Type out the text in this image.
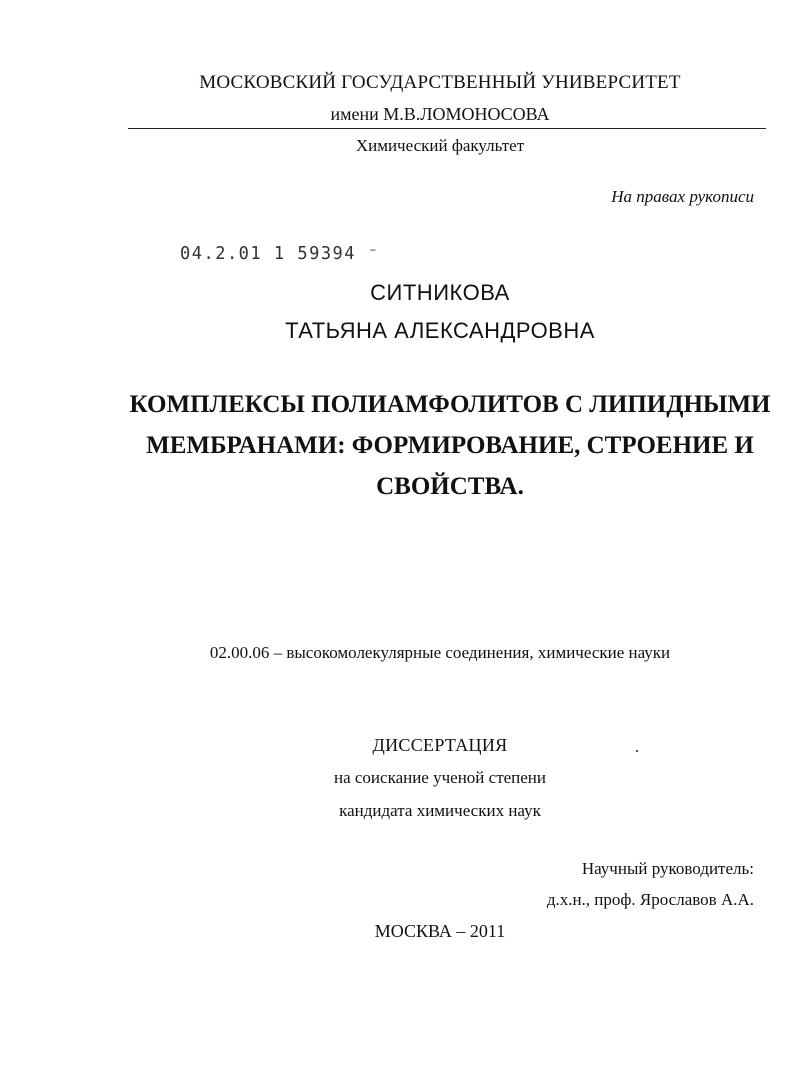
МОСКОВСКИЙ ГОСУДАРСТВЕННЫЙ УНИВЕРСИТЕТ
имени М.В.ЛОМОНОСОВА
Химический факультет
На правах рукописи
04.2.01 1 59394 ⁻
СИТНИКОВА
ТАТЬЯНА АЛЕКСАНДРОВНА
КОМПЛЕКСЫ ПОЛИАМФОЛИТОВ С ЛИПИДНЫМИ
МЕМБРАНАМИ: ФОРМИРОВАНИЕ, СТРОЕНИЕ И
СВОЙСТВА.
02.00.06 – высокомолекулярные соединения, химические науки
ДИССЕРТАЦИЯ
на соискание ученой степени
кандидата химических наук
Научный руководитель:
д.х.н., проф. Ярославов А.А.
МОСКВА – 2011
